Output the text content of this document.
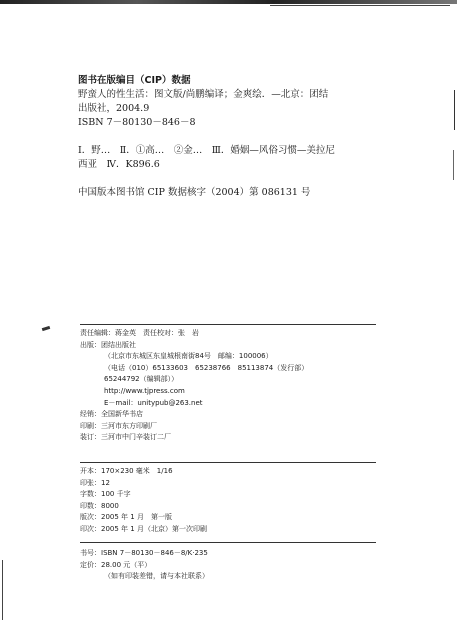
图书在版编目（CIP）数据
野蛮人的性生活：图文版/尚鹏编译；金爽绘．—北京：团结
出版社，2004.9
ISBN 7－80130－846－8
Ⅰ．野…　Ⅱ．①高…　②金…　Ⅲ．婚姻—风俗习惯—美拉尼
西亚　Ⅳ．K896.6
中国版本图书馆 CIP 数据核字（2004）第 086131 号
责任编辑：蒋金英　责任校对：张　岩
出版：团结出版社
（北京市东城区东皇城根南街84号　邮编：100006）
（电话（010）65133603　65238766　85113874（发行部）
65244792（编辑部））
http://www.tjpress.com
E－mail：unitypub@263.net
经销：全国新华书店
印刷：三河市东方印刷厂
装订：三河市中门辛装订二厂
开本：170×230 毫米　1/16
印张：12
字数：100 千字
印数：8000
版次：2005 年 1 月　第一版
印次：2005 年 1 月（北京）第一次印刷
书号：ISBN 7－80130－846－8/K·235
定价：28.00 元（平）
（如有印装差错，请与本社联系）
